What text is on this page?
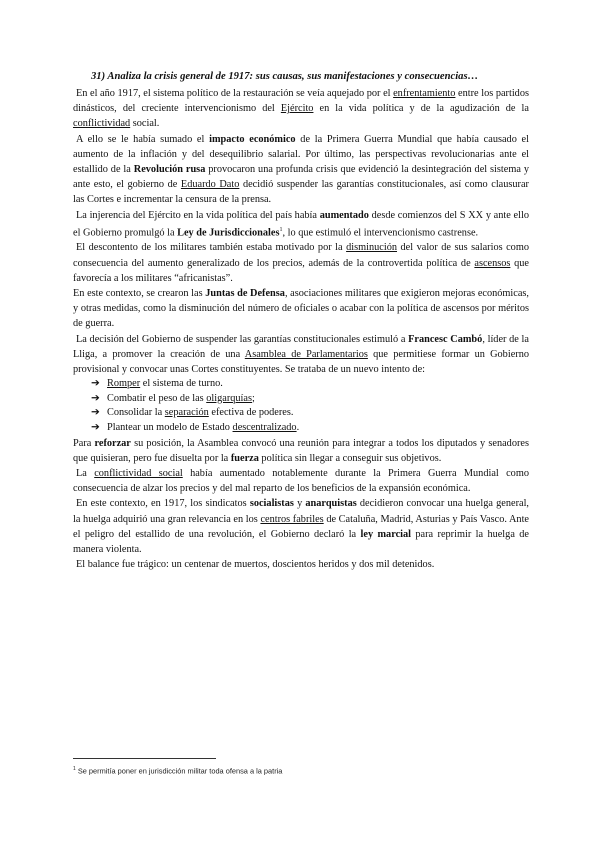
31) Analiza la crisis general de 1917: sus causas, sus manifestaciones y consecuencias…

En el año 1917, el sistema político de la restauración se veía aquejado por el enfrentamiento entre los partidos dinásticos, del creciente intervencionismo del Ejército en la vida política y de la agudización de la conflictividad social.

A ello se le había sumado el impacto económico de la Primera Guerra Mundial que había causado el aumento de la inflación y del desequilibrio salarial. Por último, las perspectivas revolucionarias ante el estallido de la Revolución rusa provocaron una profunda crisis que evidenció la desintegración del sistema y ante esto, el gobierno de Eduardo Dato decidió suspender las garantías constitucionales, así como clausurar las Cortes e incrementar la censura de la prensa.

La injerencia del Ejército en la vida política del país había aumentado desde comienzos del S XX y ante ello el Gobierno promulgó la Ley de Jurisdiccionales$^1$, lo que estimuló el intervencionismo castrense.

El descontento de los militares también estaba motivado por la disminución del valor de sus salarios como consecuencia del aumento generalizado de los precios, además de la controvertida política de ascensos que favorecía a los militares “africanistas”.

En este contexto, se crearon las Juntas de Defensa, asociaciones militares que exigieron mejoras económicas, y otras medidas, como la disminución del número de oficiales o acabar con la política de ascensos por méritos de guerra.

La decisión del Gobierno de suspender las garantías constitucionales estimuló a Francesc Cambó, líder de la Lliga, a promover la creación de una Asamblea de Parlamentarios que permitiese formar un Gobierno provisional y convocar unas Cortes constituyentes. Se trataba de un nuevo intento de:

➔ Romper el sistema de turno.
➔ Combatir el peso de las oligarquías;
➔ Consolidar la separación efectiva de poderes.
➔ Plantear un modelo de Estado descentralizado.

Para reforzar su posición, la Asamblea convocó una reunión para integrar a todos los diputados y senadores que quisieran, pero fue disuelta por la fuerza política sin llegar a conseguir sus objetivos.

La conflictividad social había aumentado notablemente durante la Primera Guerra Mundial como consecuencia de alzar los precios y del mal reparto de los beneficios de la expansión económica.

En este contexto, en 1917, los sindicatos socialistas y anarquistas decidieron convocar una huelga general, la huelga adquirió una gran relevancia en los centros fabriles de Cataluña, Madrid, Asturias y País Vasco. Ante el peligro del estallido de una revolución, el Gobierno declaró la ley marcial para reprimir la huelga de manera violenta.

El balance fue trágico: un centenar de muertos, doscientos heridos y dos mil detenidos.

$^1$ Se permitía poner en jurisdicción militar toda ofensa a la patria
